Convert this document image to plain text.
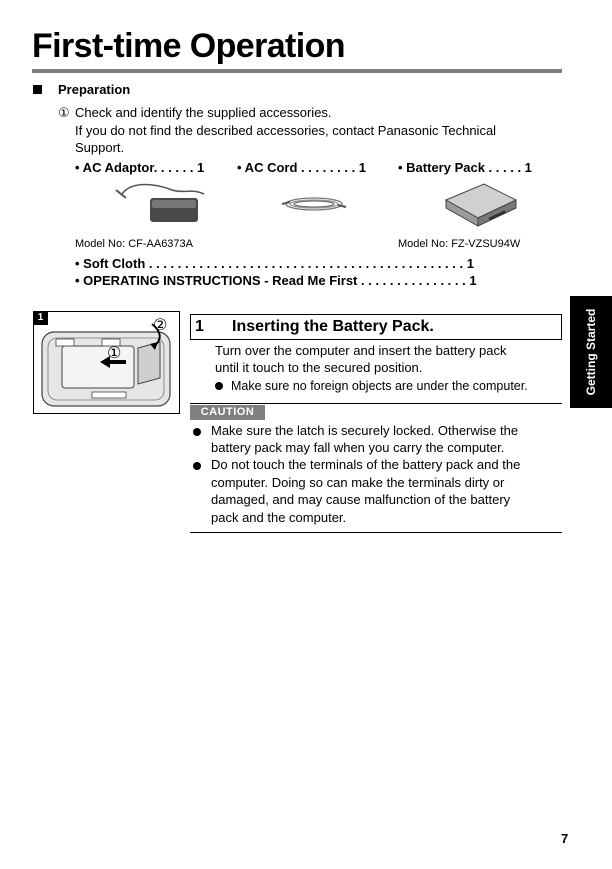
First-time Operation
Preparation
① Check and identify the supplied accessories.
If you do not find the described accessories, contact Panasonic Technical
Support.
• AC Adaptor. . . . . . 1	• AC Cord . . . . . . . . 1 • Battery Pack . . . . . 1
Model No: CF-AA6373A	Model No: FZ-VZSU94W
• Soft Cloth . . . . . . . . . . . . . . . . . . . . . . . . . . . . . . . . . . . . . . . . . . . . 1
• OPERATING INSTRUCTIONS - Read Me First . . . . . . . . . . . . . . . 1
1	②
①
1 Inserting the Battery Pack.
Turn over the computer and insert the battery pack
until it touch to the secured position.
Make sure no foreign objects are under the computer.
CAUTION
Make sure the latch is securely locked. Otherwise the
battery pack may fall when you carry the computer.
Do not touch the terminals of the battery pack and the
computer. Doing so can make the terminals dirty or
damaged, and may cause malfunction of the battery
pack and the computer.
Getting Started
7
